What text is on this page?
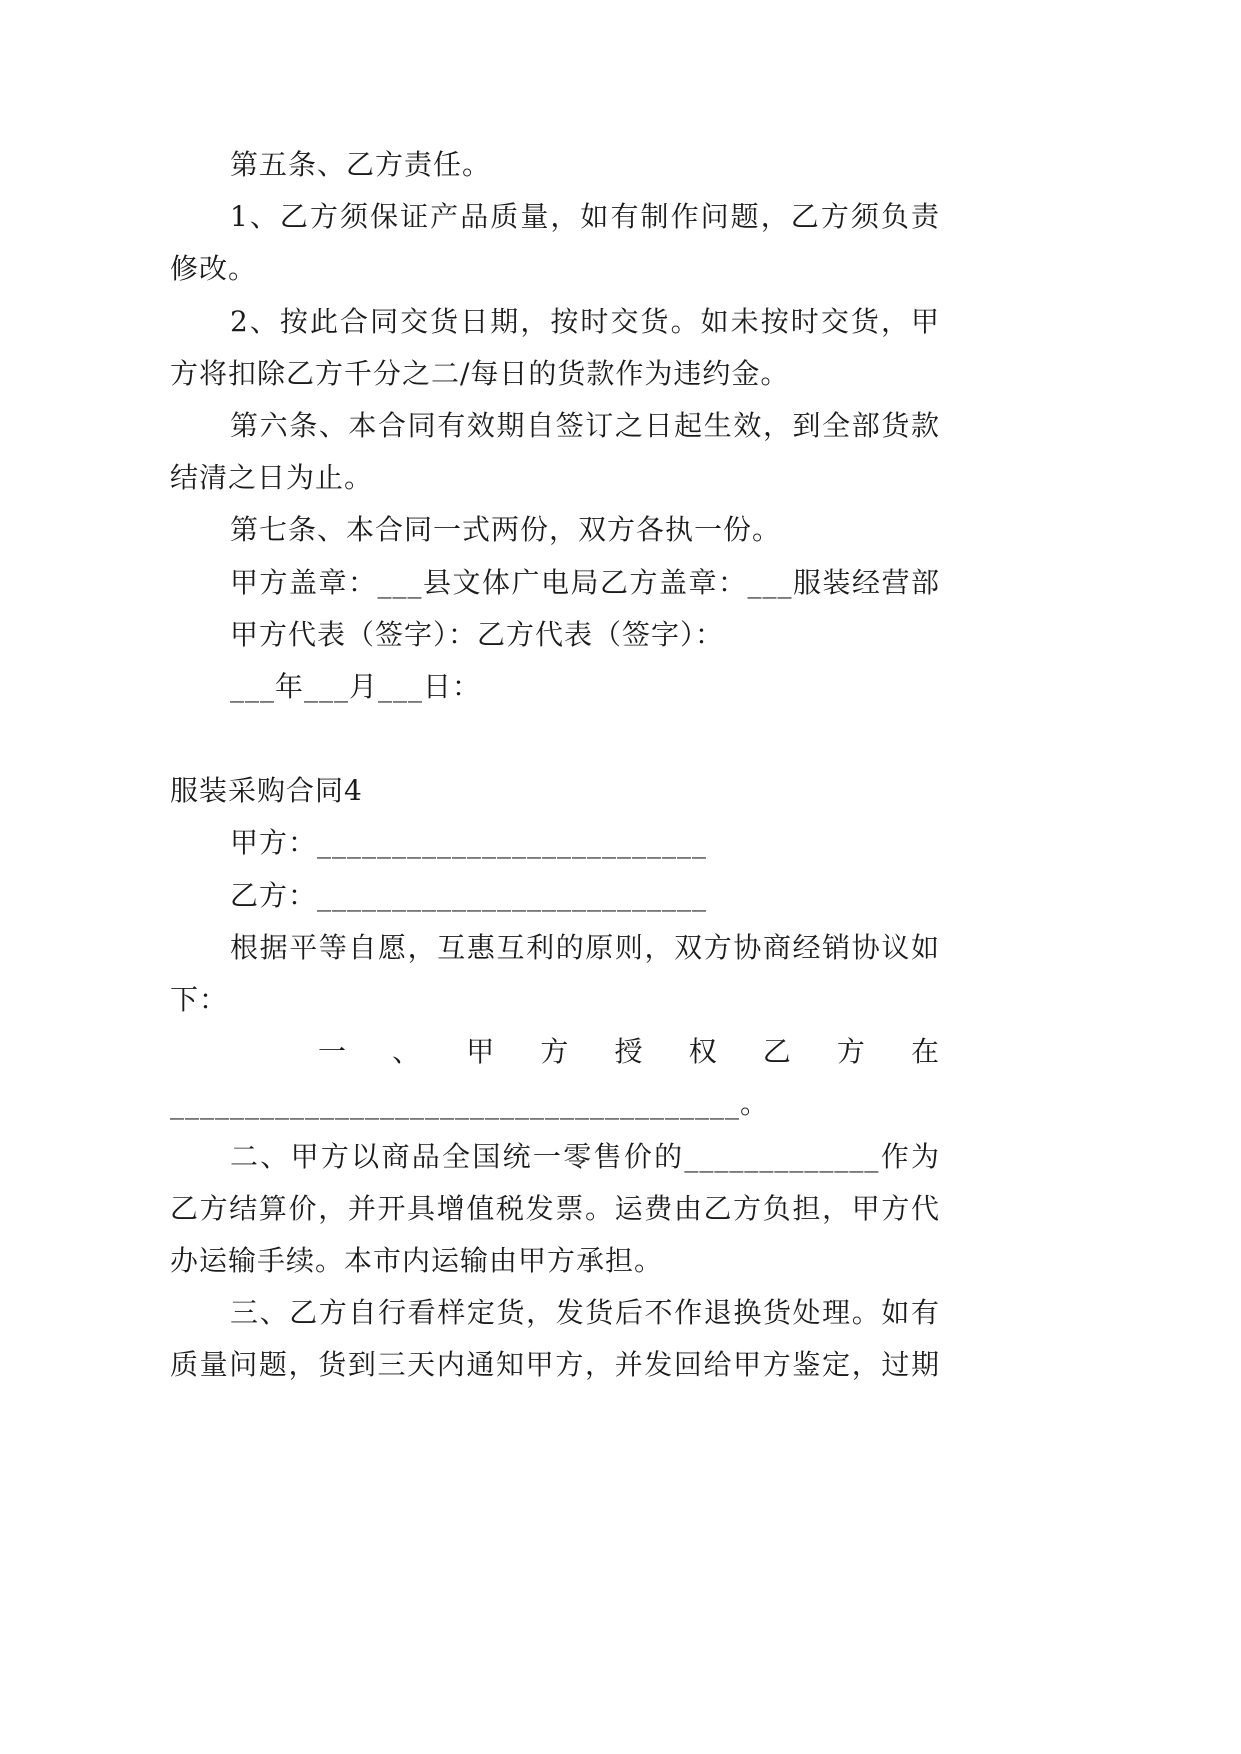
第五条、乙方责任。
1、乙方须保证产品质量，如有制作问题，乙方须负责
修改。
2、按此合同交货日期，按时交货。如未按时交货，甲
方将扣除乙方千分之二/每日的货款作为违约金。
第六条、本合同有效期自签订之日起生效，到全部货款
结清之日为止。
第七条、本合同一式两份，双方各执一份。
甲方盖章：___县文体广电局乙方盖章：___服装经营部
甲方代表（签字）：乙方代表（签字）：
___年___月___日：
服装采购合同4
甲方：__________________________
乙方：__________________________
根据平等自愿，互惠互利的原则，双方协商经销协议如
下：
一、甲方授权乙方在
______________________________________。
二、甲方以商品全国统一零售价的_____________作为
乙方结算价，并开具增值税发票。运费由乙方负担，甲方代
办运输手续。本市内运输由甲方承担。
三、乙方自行看样定货，发货后不作退换货处理。如有
质量问题，货到三天内通知甲方，并发回给甲方鉴定，过期
